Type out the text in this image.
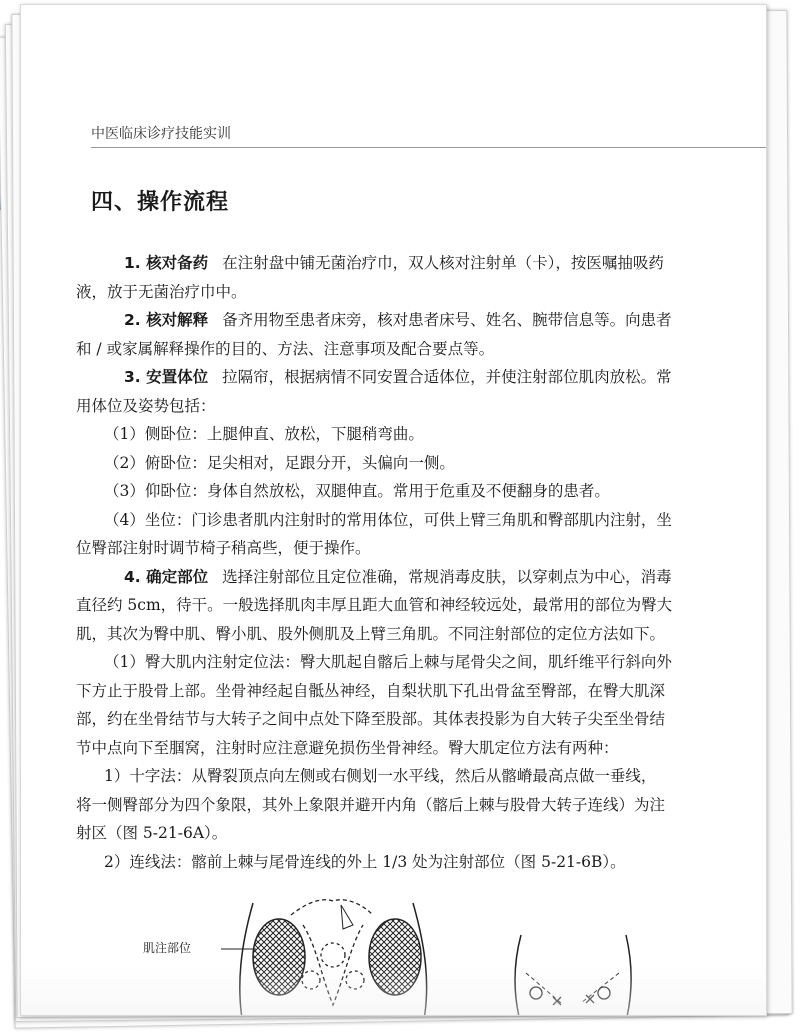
中医临床诊疗技能实训
四、操作流程
1. 核对备药 在注射盘中铺无菌治疗巾，双人核对注射单（卡），按医嘱抽吸药
液，放于无菌治疗巾中。
2. 核对解释 备齐用物至患者床旁，核对患者床号、姓名、腕带信息等。向患者
和 / 或家属解释操作的目的、方法、注意事项及配合要点等。
3. 安置体位 拉隔帘，根据病情不同安置合适体位，并使注射部位肌肉放松。常
用体位及姿势包括：
（1）侧卧位：上腿伸直、放松，下腿稍弯曲。
（2）俯卧位：足尖相对，足跟分开，头偏向一侧。
（3）仰卧位：身体自然放松，双腿伸直。常用于危重及不便翻身的患者。
（4）坐位：门诊患者肌内注射时的常用体位，可供上臂三角肌和臀部肌内注射，坐
位臀部注射时调节椅子稍高些，便于操作。
4. 确定部位 选择注射部位且定位准确，常规消毒皮肤，以穿刺点为中心，消毒
直径约 5cm，待干。一般选择肌肉丰厚且距大血管和神经较远处，最常用的部位为臀大
肌，其次为臀中肌、臀小肌、股外侧肌及上臂三角肌。不同注射部位的定位方法如下。
（1）臀大肌内注射定位法：臀大肌起自髂后上棘与尾骨尖之间，肌纤维平行斜向外
下方止于股骨上部。坐骨神经起自骶丛神经，自梨状肌下孔出骨盆至臀部，在臀大肌深
部，约在坐骨结节与大转子之间中点处下降至股部。其体表投影为自大转子尖至坐骨结
节中点向下至腘窝，注射时应注意避免损伤坐骨神经。臀大肌定位方法有两种：
1）十字法：从臀裂顶点向左侧或右侧划一水平线，然后从髂嵴最高点做一垂线，
将一侧臀部分为四个象限，其外上象限并避开内角（髂后上棘与股骨大转子连线）为注
射区（图 5-21-6A）。
2）连线法：髂前上棘与尾骨连线的外上 1/3 处为注射部位（图 5-21-6B）。
肌注部位
